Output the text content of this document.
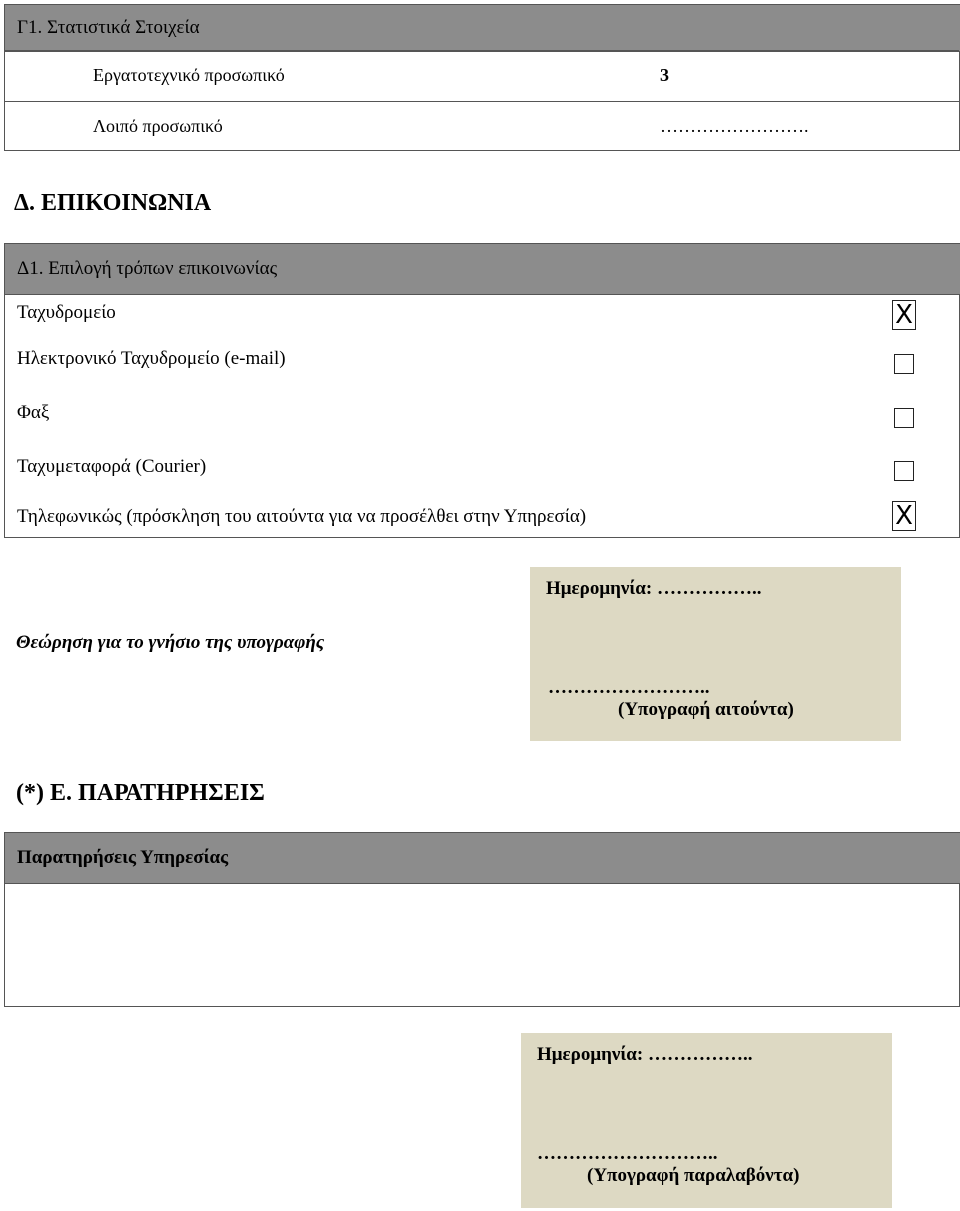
Γ1. Στατιστικά Στοιχεία
Εργατοτεχνικό προσωπικό	3
Λοιπό προσωπικό	…………………….
Δ. ΕΠΙΚΟΙΝΩΝΙΑ
Δ1. Επιλογή τρόπων επικοινωνίας
Ταχυδρομείο	X
Ηλεκτρονικό Ταχυδρομείο (e-mail)
Φαξ
Ταχυμεταφορά (Courier)
Τηλεφωνικώς (πρόσκληση του αιτούντα για να προσέλθει στην Υπηρεσία)	X
Θεώρηση για το γνήσιο της υπογραφής
Ημερομηνία: ……………..
……………………..
(Υπογραφή αιτούντα)
(*) Ε. ΠΑΡΑΤΗΡΗΣΕΙΣ
Παρατηρήσεις Υπηρεσίας
Ημερομηνία: ……………..
………………………..
(Υπογραφή παραλαβόντα)
